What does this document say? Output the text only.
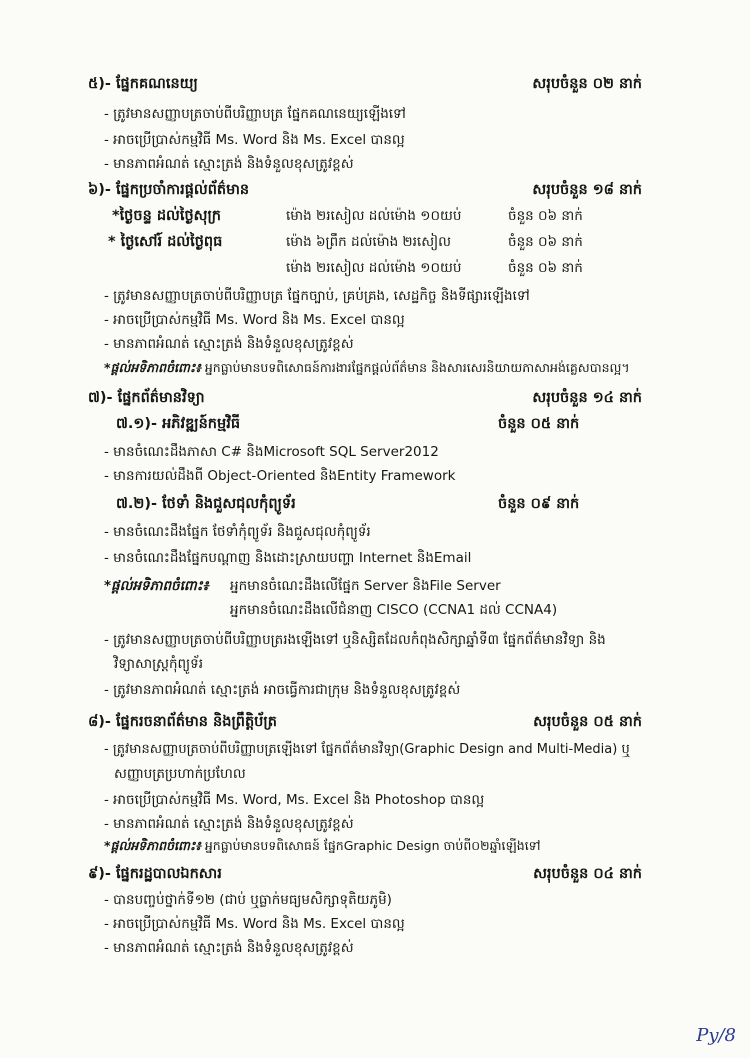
៥)- ផ្នែកគណនេយ្យ	សរុបចំនួន ០២ នាក់
- ត្រូវមានសញ្ញាបត្រចាប់ពីបរិញ្ញាបត្រ ផ្នែកគណនេយ្យឡើងទៅ
- អាចប្រើប្រាស់កម្មវិធី Ms. Word និង Ms. Excel បានល្អ
- មានភាពអំណត់ ស្មោះត្រង់ និងទំនួលខុសត្រូវខ្ពស់
៦)- ផ្នែកប្រចាំការផ្តល់ព័ត៌មាន	សរុបចំនួន ១៨ នាក់
*ថ្ងៃចន្ទ ដល់ថ្ងៃសុក្រ	ម៉ោង ២រសៀល ដល់ម៉ោង ១០យប់	ចំនួន ០៦ នាក់
* ថ្ងៃសៅរ៍ ដល់ថ្ងៃពុធ	ម៉ោង ៦ព្រឹក ដល់ម៉ោង ២រសៀល	ចំនួន ០៦ នាក់
ម៉ោង ២រសៀល ដល់ម៉ោង ១០យប់	ចំនួន ០៦ នាក់
- ត្រូវមានសញ្ញាបត្រចាប់ពីបរិញ្ញាបត្រ ផ្នែកច្បាប់, គ្រប់គ្រង, សេដ្ឋកិច្ច និងទីផ្សារឡើងទៅ
- អាចប្រើប្រាស់កម្មវិធី Ms. Word និង Ms. Excel បានល្អ
- មានភាពអំណត់ ស្មោះត្រង់ និងទំនួលខុសត្រូវខ្ពស់
*ផ្តល់អទិភាពចំពោះ៖ អ្នកធ្លាប់មានបទពិសោធន៍ការងារផ្នែកផ្តល់ព័ត៌មាន និងសារសេរនិយាយភាសាអង់គ្លេសបានល្អ។
៧)- ផ្នែកព័ត៌មានវិទ្យា	សរុបចំនួន ១៤ នាក់
៧.១)- អភិវឌ្ឍន៍កម្មវិធី	ចំនួន ០៥ នាក់
- មានចំណេះដឹងភាសា C# និងMicrosoft SQL Server2012
- មានការយល់ដឹងពី Object-Oriented និងEntity Framework
៧.២)- ថែទាំ និងជួសជុលកុំព្យូទ័រ	ចំនួន ០៩ នាក់
- មានចំណេះដឹងផ្នែក ថែទាំកុំព្យូទ័រ និងជួសជុលកុំព្យូទ័រ
- មានចំណេះដឹងផ្នែកបណ្តាញ និងដោះស្រាយបញ្ហា Internet និងEmail
*ផ្តល់អទិភាពចំពោះ៖ អ្នកមានចំណេះដឹងលើផ្នែក Server និងFile Server
អ្នកមានចំណេះដឹងលើជំនាញ CISCO (CCNA1 ដល់ CCNA4)
- ត្រូវមានសញ្ញាបត្រចាប់ពីបរិញ្ញាបត្ររងឡើងទៅ ឬនិស្សិតដែលកំពុងសិក្សាឆ្នាំទី៣ ផ្នែកព័ត៌មានវិទ្យា និង
វិទ្យាសាស្ត្រកុំព្យូទ័រ
- ត្រូវមានភាពអំណត់ ស្មោះត្រង់ អាចធ្វើការជាក្រុម និងទំនួលខុសត្រូវខ្ពស់
៨)- ផ្នែករចនាព័ត៌មាន និងព្រឹត្តិប័ត្រ	សរុបចំនួន ០៥ នាក់
- ត្រូវមានសញ្ញាបត្រចាប់ពីបរិញ្ញាបត្រឡើងទៅ ផ្នែកព័ត៌មានវិទ្យា(Graphic Design and Multi-Media) ឬ
សញ្ញាបត្រប្រហាក់ប្រហែល
- អាចប្រើប្រាស់កម្មវិធី Ms. Word, Ms. Excel និង Photoshop បានល្អ
- មានភាពអំណត់ ស្មោះត្រង់ និងទំនួលខុសត្រូវខ្ពស់
*ផ្តល់អទិភាពចំពោះ៖ អ្នកធ្លាប់មានបទពិសោធន៍ ផ្នែកGraphic Design ចាប់ពី០២ឆ្នាំឡើងទៅ
៩)- ផ្នែករដ្ឋបាលឯកសារ	សរុបចំនួន ០៤ នាក់
- បានបញ្ចប់ថ្នាក់ទី១២ (ជាប់ ឬធ្លាក់មធ្យមសិក្សាទុតិយភូមិ)
- អាចប្រើប្រាស់កម្មវិធី Ms. Word និង Ms. Excel បានល្អ
- មានភាពអំណត់ ស្មោះត្រង់ និងទំនួលខុសត្រូវខ្ពស់
Py/8
